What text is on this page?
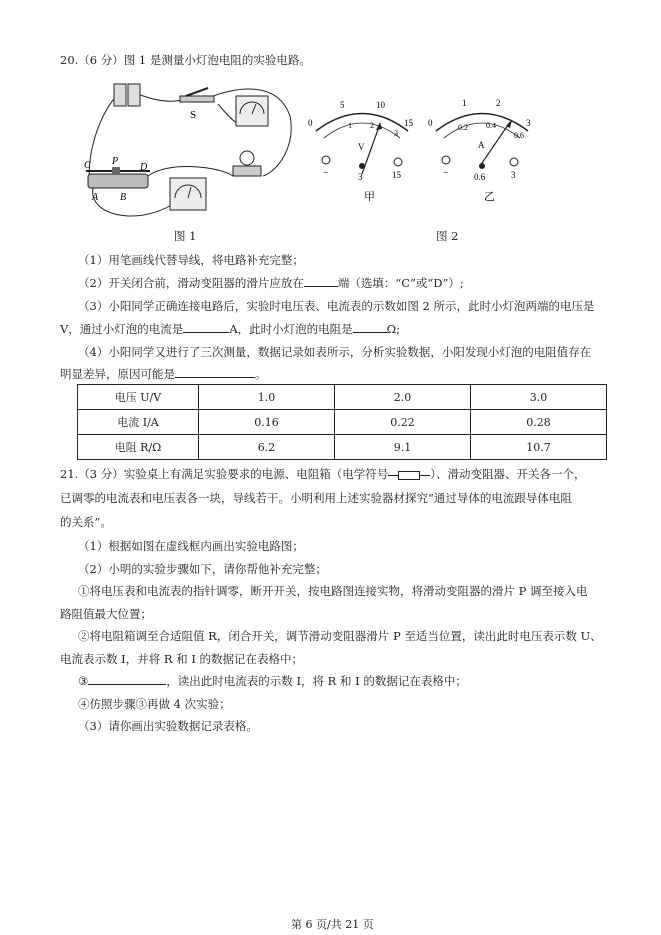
20.（6 分）图 1 是测量小灯泡电阻的实验电路。
S
C P
D
A B
图 1
0
5	10
15
1 2
3
V
−	3	15
0
1	2
3
0.2 0.4
0.6
A
−	0.6	3
甲	乙
图 2
（1）用笔画线代替导线，将电路补充完整；
（2）开关闭合前，滑动变阻器的滑片应放在	端（选填：“C”或“D”）;
（3）小阳同学正确连接电路后，实验时电压表、电流表的示数如图 2 所示，此时小灯泡两端的电压是
V，通过小灯泡的电流是	A，此时小灯泡的电阻是	Ω;
（4）小阳同学又进行了三次测量，数据记录如表所示，分析实验数据，小阳发现小灯泡的电阻值存在
明显差异，原因可能是	。
电压 U/V	1.0	2.0	3.0
电流 I/A	0.16	0.22	0.28
电阻 R/Ω	6.2	9.1	10.7
21.（3 分）实验桌上有满足实验要求的电源、电阻箱（电学符号	）、滑动变阻器、开关各一个，
已调零的电流表和电压表各一块，导线若干。小明利用上述实验器材探究“通过导体的电流跟导体电阻
的关系”。
（1）根据如图在虚线框内画出实验电路图；
（2）小明的实验步骤如下，请你帮他补充完整；
①将电压表和电流表的指针调零，断开开关，按电路图连接实物，将滑动变阻器的滑片 P 调至接入电
路阻值最大位置；
②将电阻箱调至合适阻值 R，闭合开关，调节滑动变阻器滑片 P 至适当位置，读出此时电压表示数 U、
电流表示数 I，并将 R 和 I 的数据记在表格中；
③	，读出此时电流表的示数 I，将 R 和 I 的数据记在表格中；
④仿照步骤③再做 4 次实验；
（3）请你画出实验数据记录表格。
第 6 页/共 21 页
